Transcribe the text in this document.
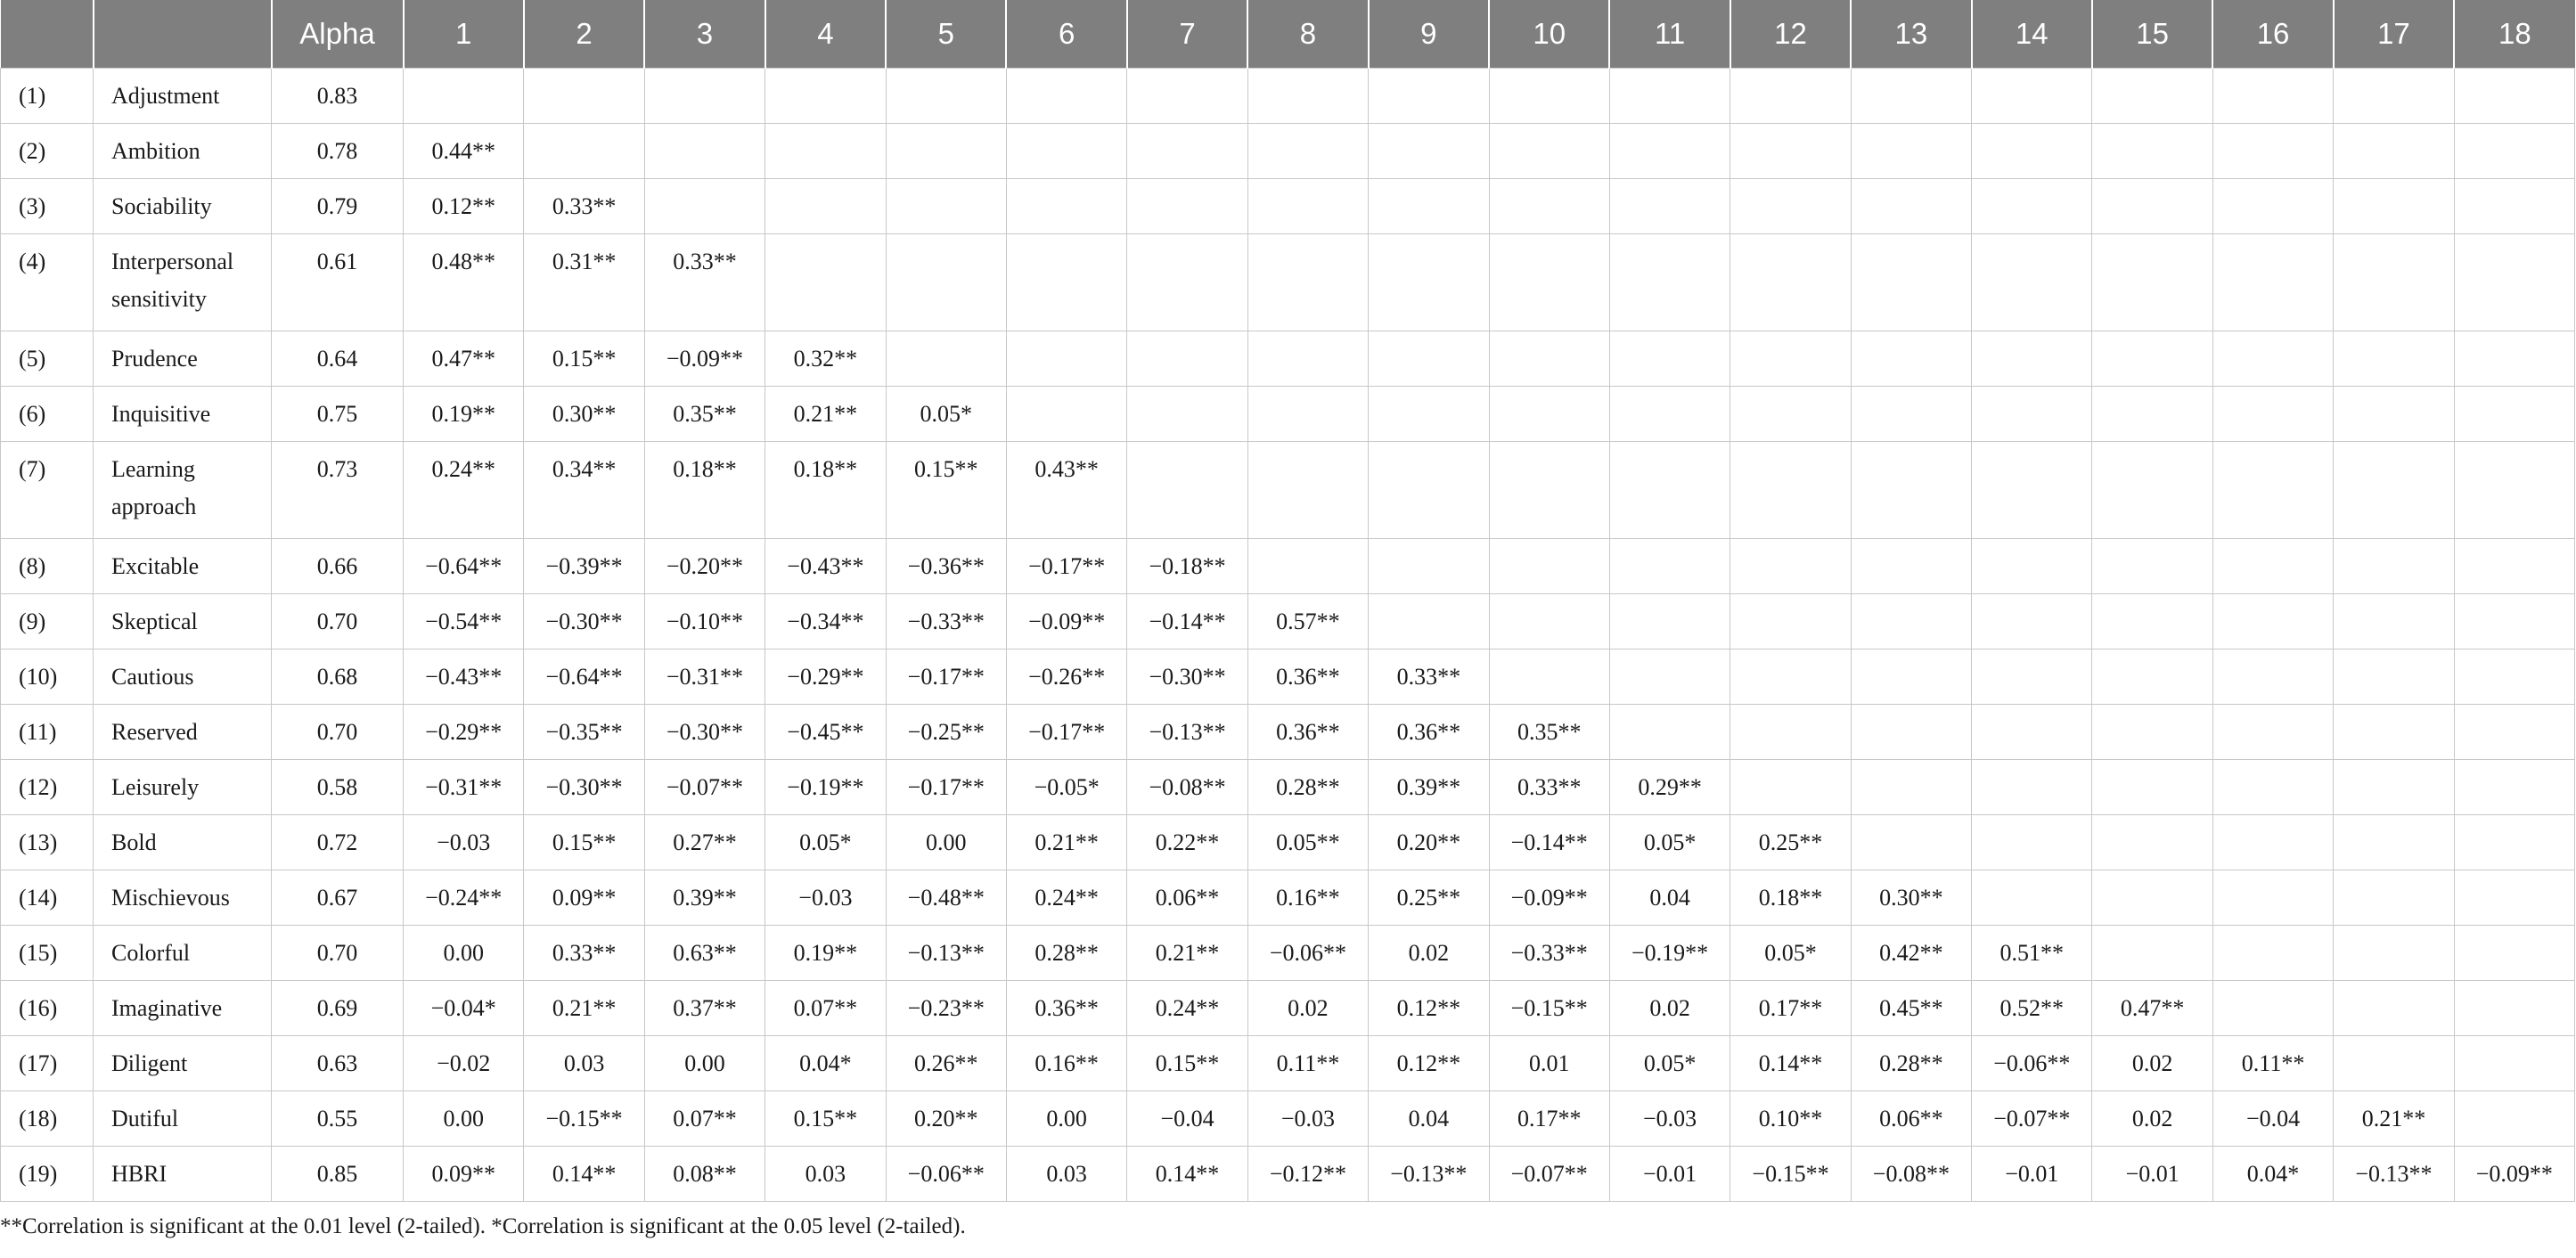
		Alpha	1	2	3	4	5	6	7	8	9	10	11	12	13	14	15	16	17	18
(1)	Adjustment	0.83																		
(2)	Ambition	0.78	0.44**																	
(3)	Sociability	0.79	0.12**	0.33**																
(4)	Interpersonal sensitivity	0.61	0.48**	0.31**	0.33**															
(5)	Prudence	0.64	0.47**	0.15**	−0.09**	0.32**														
(6)	Inquisitive	0.75	0.19**	0.30**	0.35**	0.21**	0.05*													
(7)	Learning approach	0.73	0.24**	0.34**	0.18**	0.18**	0.15**	0.43**												
(8)	Excitable	0.66	−0.64**	−0.39**	−0.20**	−0.43**	−0.36**	−0.17**	−0.18**											
(9)	Skeptical	0.70	−0.54**	−0.30**	−0.10**	−0.34**	−0.33**	−0.09**	−0.14**	0.57**										
(10)	Cautious	0.68	−0.43**	−0.64**	−0.31**	−0.29**	−0.17**	−0.26**	−0.30**	0.36**	0.33**									
(11)	Reserved	0.70	−0.29**	−0.35**	−0.30**	−0.45**	−0.25**	−0.17**	−0.13**	0.36**	0.36**	0.35**								
(12)	Leisurely	0.58	−0.31**	−0.30**	−0.07**	−0.19**	−0.17**	−0.05*	−0.08**	0.28**	0.39**	0.33**	0.29**							
(13)	Bold	0.72	−0.03	0.15**	0.27**	0.05*	0.00	0.21**	0.22**	0.05**	0.20**	−0.14**	0.05*	0.25**						
(14)	Mischievous	0.67	−0.24**	0.09**	0.39**	−0.03	−0.48**	0.24**	0.06**	0.16**	0.25**	−0.09**	0.04	0.18**	0.30**					
(15)	Colorful	0.70	0.00	0.33**	0.63**	0.19**	−0.13**	0.28**	0.21**	−0.06**	0.02	−0.33**	−0.19**	0.05*	0.42**	0.51**				
(16)	Imaginative	0.69	−0.04*	0.21**	0.37**	0.07**	−0.23**	0.36**	0.24**	0.02	0.12**	−0.15**	0.02	0.17**	0.45**	0.52**	0.47**			
(17)	Diligent	0.63	−0.02	0.03	0.00	0.04*	0.26**	0.16**	0.15**	0.11**	0.12**	0.01	0.05*	0.14**	0.28**	−0.06**	0.02	0.11**		
(18)	Dutiful	0.55	0.00	−0.15**	0.07**	0.15**	0.20**	0.00	−0.04	−0.03	0.04	0.17**	−0.03	0.10**	0.06**	−0.07**	0.02	−0.04	0.21**	
(19)	HBRI	0.85	0.09**	0.14**	0.08**	0.03	−0.06**	0.03	0.14**	−0.12**	−0.13**	−0.07**	−0.01	−0.15**	−0.08**	−0.01	−0.01	0.04*	−0.13**	−0.09**
**Correlation is significant at the 0.01 level (2-tailed). *Correlation is significant at the 0.05 level (2-tailed).
